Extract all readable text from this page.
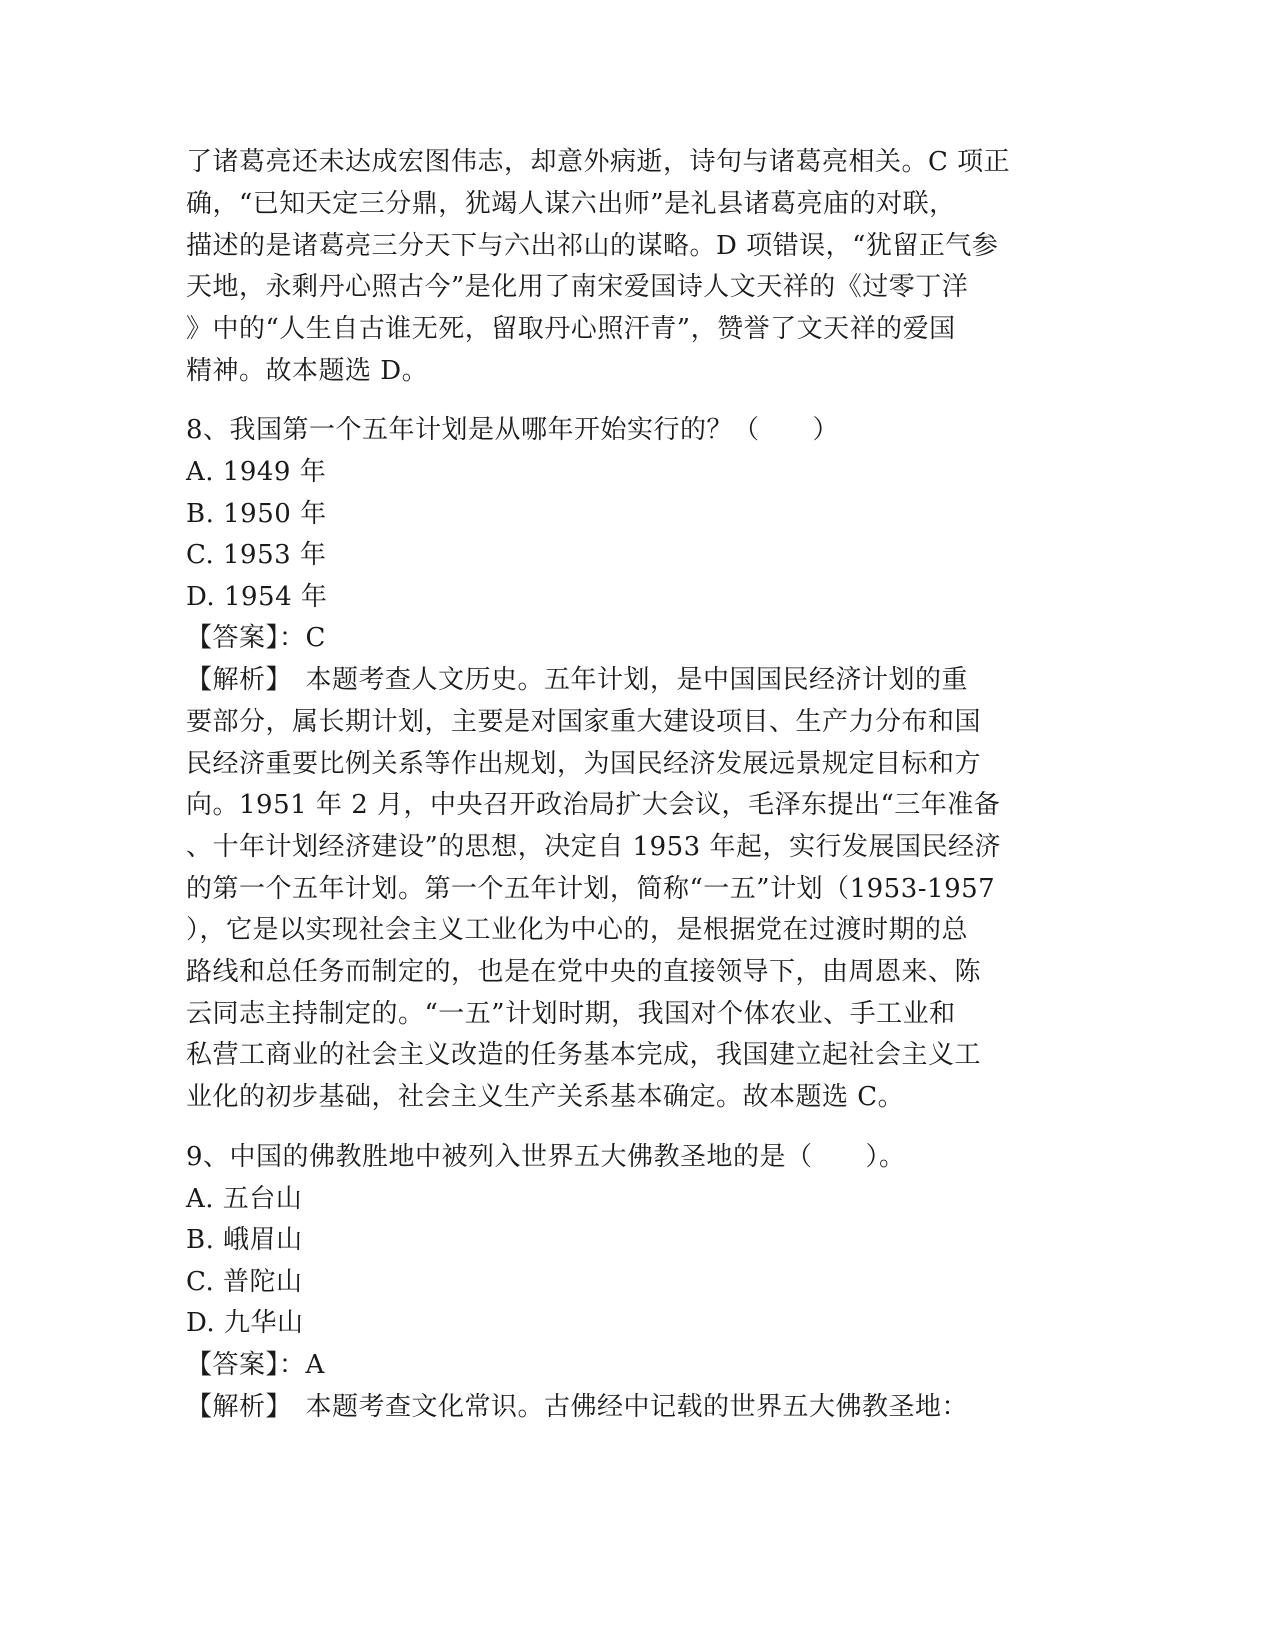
了诸葛亮还未达成宏图伟志，却意外病逝，诗句与诸葛亮相关。C 项正
确，“已知天定三分鼎，犹竭人谋六出师”是礼县诸葛亮庙的对联，
描述的是诸葛亮三分天下与六出祁山的谋略。D 项错误，“犹留正气参
天地，永剩丹心照古今”是化用了南宋爱国诗人文天祥的《过零丁洋
》中的“人生自古谁无死，留取丹心照汗青”，赞誉了文天祥的爱国
精神。故本题选 D。
8、我国第一个五年计划是从哪年开始实行的？（　　）
A. 1949 年
B. 1950 年
C. 1953 年
D. 1954 年
【答案】：C
【解析】　本题考查人文历史。五年计划，是中国国民经济计划的重
要部分，属长期计划，主要是对国家重大建设项目、生产力分布和国
民经济重要比例关系等作出规划，为国民经济发展远景规定目标和方
向。1951 年 2 月，中央召开政治局扩大会议，毛泽东提出“三年准备
、十年计划经济建设”的思想，决定自 1953 年起，实行发展国民经济
的第一个五年计划。第一个五年计划，简称“一五”计划（1953-1957
），它是以实现社会主义工业化为中心的，是根据党在过渡时期的总
路线和总任务而制定的，也是在党中央的直接领导下，由周恩来、陈
云同志主持制定的。“一五”计划时期，我国对个体农业、手工业和
私营工商业的社会主义改造的任务基本完成，我国建立起社会主义工
业化的初步基础，社会主义生产关系基本确定。故本题选 C。
9、中国的佛教胜地中被列入世界五大佛教圣地的是（　　）。
A. 五台山
B. 峨眉山
C. 普陀山
D. 九华山
【答案】：A
【解析】　本题考查文化常识。古佛经中记载的世界五大佛教圣地：
